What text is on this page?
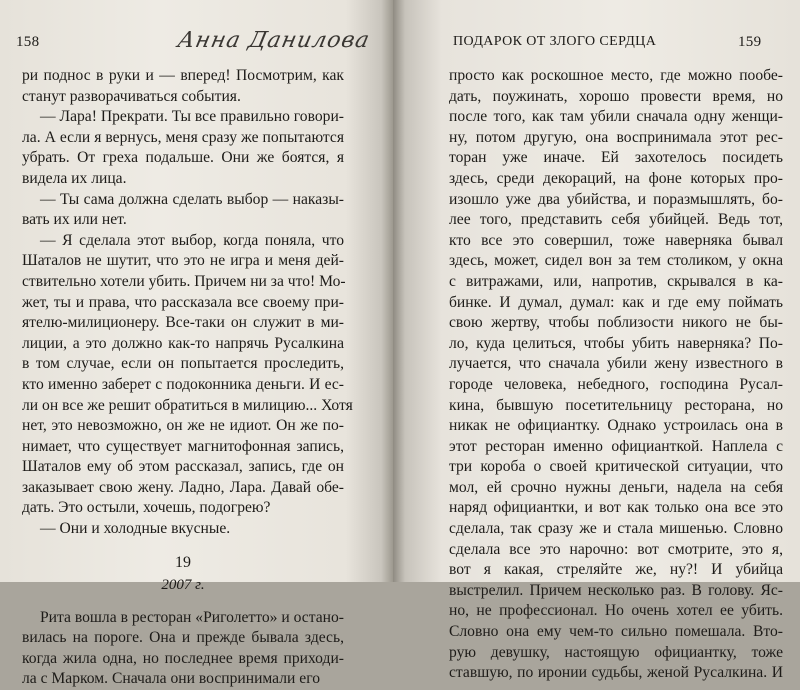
158	Анна Данилова
ри поднос в руки и — вперед! Посмотрим, как
станут разворачиваться события.
— Лара! Прекрати. Ты все правильно говори-
ла. А если я вернусь, меня сразу же попытаются
убрать. От греха подальше. Они же боятся, я
видела их лица.
— Ты сама должна сделать выбор — наказы-
вать их или нет.
— Я сделала этот выбор, когда поняла, что
Шаталов не шутит, что это не игра и меня дей-
ствительно хотели убить. Причем ни за что! Мо-
жет, ты и права, что рассказала все своему при-
ятелю-милиционеру. Все-таки он служит в ми-
лиции, а это должно как-то напрячь Русалкина
в том случае, если он попытается проследить,
кто именно заберет с подоконника деньги. И ес-
ли он все же решит обратиться в милицию... Хотя
нет, это невозможно, он же не идиот. Он же по-
нимает, что существует магнитофонная запись,
Шаталов ему об этом рассказал, запись, где он
заказывает свою жену. Ладно, Лара. Давай обе-
дать. Это остыли, хочешь, подогрею?
— Они и холодные вкусные.
19
2007 г.
Рита вошла в ресторан «Риголетто» и остано-
вилась на пороге. Она и прежде бывала здесь,
когда жила одна, но последнее время приходи-
ла с Марком. Сначала они воспринимали его
ПОДАРОК ОТ ЗЛОГО СЕРДЦА	159
просто как роскошное место, где можно пообе-
дать, поужинать, хорошо провести время, но
после того, как там убили сначала одну женщи-
ну, потом другую, она воспринимала этот рес-
торан уже иначе. Ей захотелось посидеть
здесь, среди декораций, на фоне которых про-
изошло уже два убийства, и поразмышлять, бо-
лее того, представить себя убийцей. Ведь тот,
кто все это совершил, тоже наверняка бывал
здесь, может, сидел вон за тем столиком, у окна
с витражами, или, напротив, скрывался в ка-
бинке. И думал, думал: как и где ему поймать
свою жертву, чтобы поблизости никого не бы-
ло, куда целиться, чтобы убить наверняка? По-
лучается, что сначала убили жену известного в
городе человека, небедного, господина Русал-
кина, бывшую посетительницу ресторана, но
никак не официантку. Однако устроилась она в
этот ресторан именно официанткой. Наплела с
три короба о своей критической ситуации, что
мол, ей срочно нужны деньги, надела на себя
наряд официантки, и вот как только она все это
сделала, так сразу же и стала мишенью. Словно
сделала все это нарочно: вот смотрите, это я,
вот я какая, стреляйте же, ну?! И убийца
выстрелил. Причем несколько раз. В голову. Яс-
но, не профессионал. Но очень хотел ее убить.
Словно она ему чем-то сильно помешала. Вто-
рую девушку, настоящую официантку, тоже
ставшую, по иронии судьбы, женой Русалкина. И
